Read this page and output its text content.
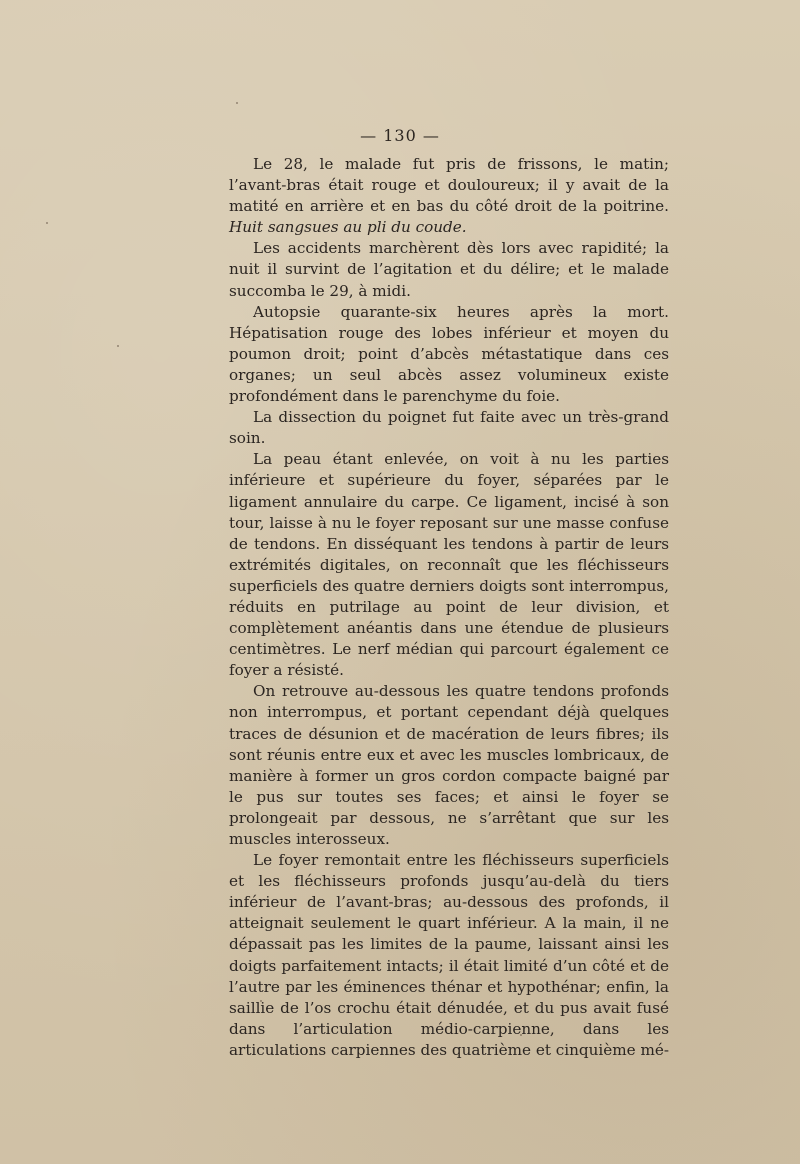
— 130 —

Le 28, le malade fut pris de frissons, le matin; l’avant-bras était rouge et douloureux; il y avait de la matité en arrière et en bas du côté droit de la poitrine. Huit sangsues au pli du coude.

Les accidents marchèrent dès lors avec rapidité; la nuit il survint de l’agitation et du délire; et le malade succomba le 29, à midi.

Autopsie quarante-six heures après la mort. Hépatisation rouge des lobes inférieur et moyen du poumon droit; point d’abcès métastatique dans ces organes; un seul abcès assez volumineux existe profondément dans le parenchyme du foie.

La dissection du poignet fut faite avec un très-grand soin.

La peau étant enlevée, on voit à nu les parties inférieure et supérieure du foyer, séparées par le ligament annulaire du carpe. Ce ligament, incisé à son tour, laisse à nu le foyer reposant sur une masse confuse de tendons. En disséquant les tendons à partir de leurs extrémités digitales, on reconnaît que les fléchisseurs superficiels des quatre derniers doigts sont interrompus, réduits en putrilage au point de leur division, et complètement anéantis dans une étendue de plusieurs centimètres. Le nerf médian qui parcourt également ce foyer a résisté.

On retrouve au-dessous les quatre tendons profonds non interrompus, et portant cependant déjà quelques traces de désunion et de macération de leurs fibres; ils sont réunis entre eux et avec les muscles lombricaux, de manière à former un gros cordon compacte baigné par le pus sur toutes ses faces; et ainsi le foyer se prolongeait par dessous, ne s’arrêtant que sur les muscles interosseux.

Le foyer remontait entre les fléchisseurs superficiels et les fléchisseurs profonds jusqu’au-delà du tiers inférieur de l’avant-bras; au-dessous des profonds, il atteignait seulement le quart inférieur. A la main, il ne dépassait pas les limites de la paume, laissant ainsi les doigts parfaitement intacts; il était limité d’un côté et de l’autre par les éminences thénar et hypothénar; enfin, la saillie de l’os crochu était dénudée, et du pus avait fusé dans l’articulation médio-carpienne, dans les articulations carpiennes des quatrième et cinquième mé-
